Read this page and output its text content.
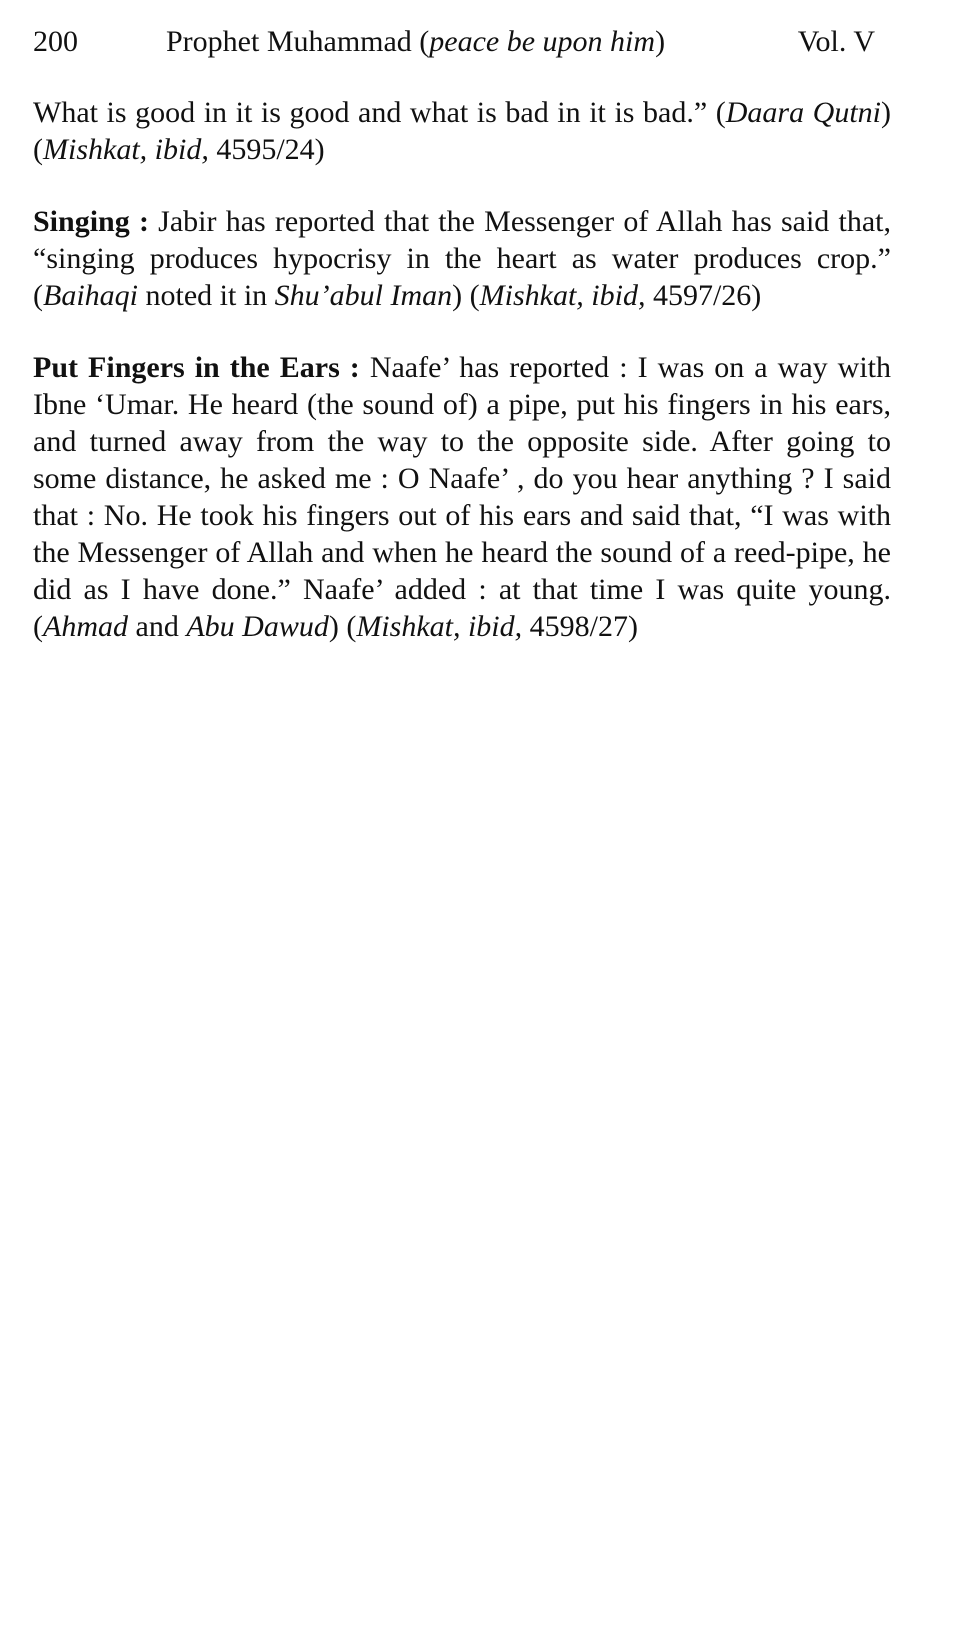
200	Prophet Muhammad (peace be upon him)	Vol. V

What is good in it is good and what is bad in it is bad.” (Daara Qutni) (Mishkat, ibid, 4595/24)

Singing : Jabir has reported that the Messenger of Allah has said that, “singing produces hypocrisy in the heart as water produces crop.” (Baihaqi noted it in Shu’abul Iman) (Mishkat, ibid, 4597/26)

Put Fingers in the Ears : Naafe’ has reported : I was on a way with Ibne ‘Umar. He heard (the sound of) a pipe, put his fingers in his ears, and turned away from the way to the opposite side. After going to some distance, he asked me : O Naafe’ , do you hear anything ? I said that : No. He took his fingers out of his ears and said that, “I was with the Messenger of Allah and when he heard the sound of a reed-pipe, he did as I have done.” Naafe’ added : at that time I was quite young. (Ahmad and Abu Dawud) (Mishkat, ibid, 4598/27)
